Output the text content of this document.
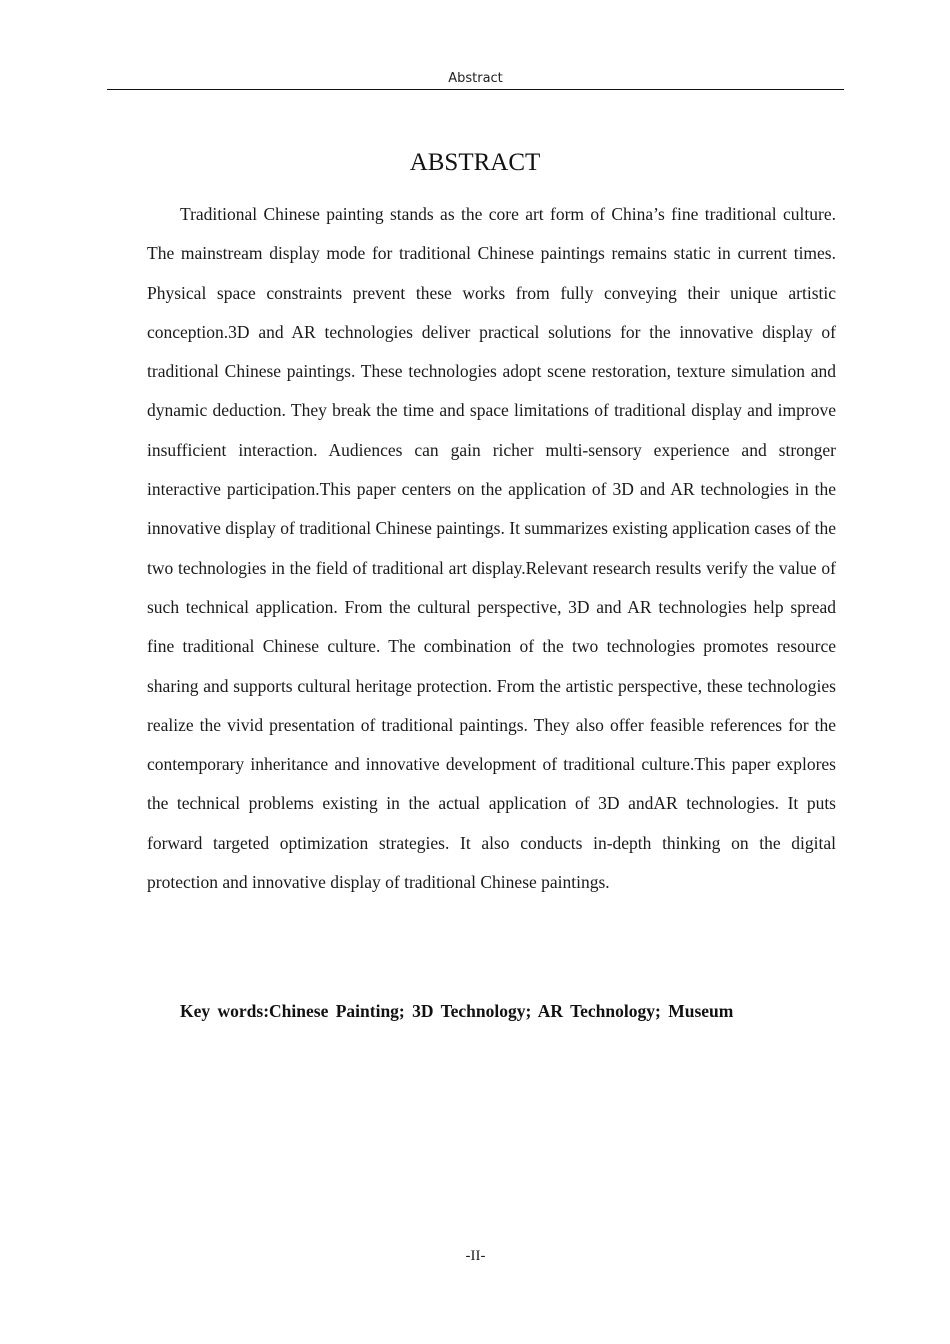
Abstract
ABSTRACT

Traditional Chinese painting stands as the core art form of China’s fine traditional culture. The mainstream display mode for traditional Chinese paintings remains static in current times. Physical space constraints prevent these works from fully conveying their unique artistic conception.3D and AR technologies deliver practical solutions for the innovative display of traditional Chinese paintings. These technologies adopt scene restoration, texture simulation and dynamic deduction. They break the time and space limitations of traditional display and improve insufficient interaction. Audiences can gain richer multi-sensory experience and stronger interactive participation.This paper centers on the application of 3D and AR technologies in the innovative display of traditional Chinese paintings. It summarizes existing application cases of the two technologies in the field of traditional art display.Relevant research results verify the value of such technical application. From the cultural perspective, 3D and AR technologies help spread fine traditional Chinese culture. The combination of the two technologies promotes resource sharing and supports cultural heritage protection. From the artistic perspective, these technologies realize the vivid presentation of traditional paintings. They also offer feasible references for the contemporary inheritance and innovative development of traditional culture.This paper explores the technical problems existing in the actual application of 3D andAR technologies. It puts forward targeted optimization strategies. It also conducts in-depth thinking on the digital protection and innovative display of traditional Chinese paintings.

Key words:Chinese Painting; 3D Technology; AR Technology; Museum

-II-
